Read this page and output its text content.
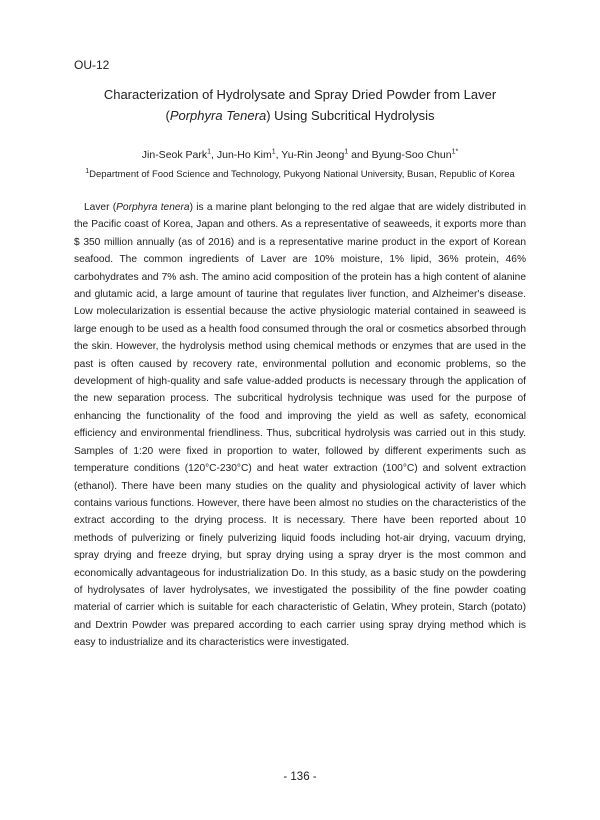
OU-12
Characterization of Hydrolysate and Spray Dried Powder from Laver
(Porphyra Tenera) Using Subcritical Hydrolysis
Jin-Seok Park$^1$, Jun-Ho Kim$^1$, Yu-Rin Jeong$^1$ and Byung-Soo Chun$^{1*}$
$^1$Department of Food Science and Technology, Pukyong National University, Busan, Republic of Korea

Laver (Porphyra tenera) is a marine plant belonging to the red algae that are widely distributed in the Pacific coast of Korea, Japan and others. As a representative of seaweeds, it exports more than $ 350 million annually (as of 2016) and is a representative marine product in the export of Korean seafood. The common ingredients of Laver are 10% moisture, 1% lipid, 36% protein, 46% carbohydrates and 7% ash. The amino acid composition of the protein has a high content of alanine and glutamic acid, a large amount of taurine that regulates liver function, and Alzheimer's disease. Low molecularization is essential because the active physiologic material contained in seaweed is large enough to be used as a health food consumed through the oral or cosmetics absorbed through the skin. However, the hydrolysis method using chemical methods or enzymes that are used in the past is often caused by recovery rate, environmental pollution and economic problems, so the development of high-quality and safe value-added products is necessary through the application of the new separation process. The subcritical hydrolysis technique was used for the purpose of enhancing the functionality of the food and improving the yield as well as safety, economical efficiency and environmental friendliness. Thus, subcritical hydrolysis was carried out in this study. Samples of 1:20 were fixed in proportion to water, followed by different experiments such as temperature conditions (120°C-230°C) and heat water extraction (100°C) and solvent extraction (ethanol). There have been many studies on the quality and physiological activity of laver which contains various functions. However, there have been almost no studies on the characteristics of the extract according to the drying process. It is necessary. There have been reported about 10 methods of pulverizing or finely pulverizing liquid foods including hot-air drying, vacuum drying, spray drying and freeze drying, but spray drying using a spray dryer is the most common and economically advantageous for industrialization Do. In this study, as a basic study on the powdering of hydrolysates of laver hydrolysates, we investigated the possibility of the fine powder coating material of carrier which is suitable for each characteristic of Gelatin, Whey protein, Starch (potato) and Dextrin Powder was prepared according to each carrier using spray drying method which is easy to industrialize and its characteristics were investigated.

- 136 -
